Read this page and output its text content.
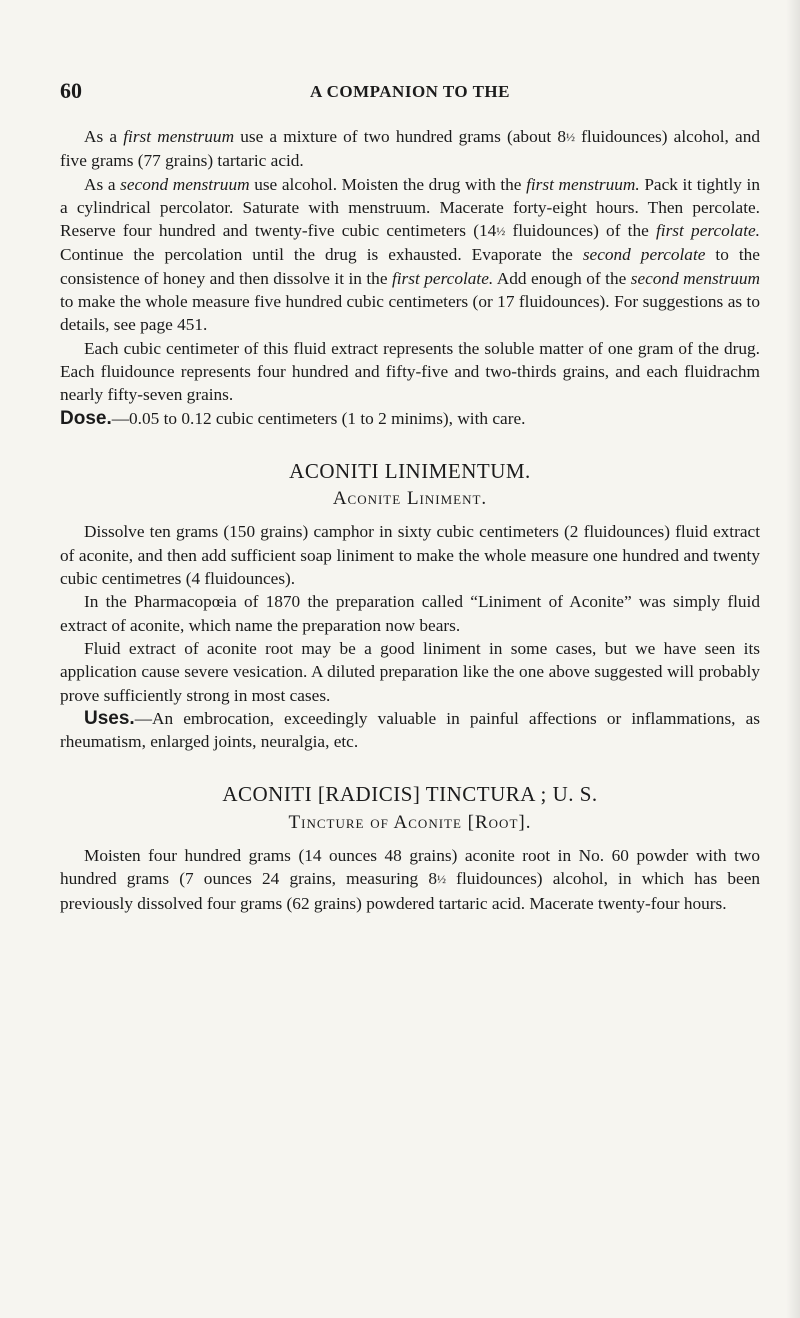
60	A COMPANION TO THE

As a first menstruum use a mixture of two hundred grams (about 8½ fluidounces) alcohol, and five grams (77 grains) tartaric acid.

As a second menstruum use alcohol. Moisten the drug with the first menstruum. Pack it tightly in a cylindrical percolator. Saturate with menstruum. Macerate forty-eight hours. Then percolate. Reserve four hundred and twenty-five cubic centimeters (14½ fluidounces) of the first percolate. Continue the percolation until the drug is exhausted. Evaporate the second percolate to the consistence of honey and then dissolve it in the first percolate. Add enough of the second menstruum to make the whole measure five hundred cubic centimeters (or 17 fluidounces). For suggestions as to details, see page 451.

Each cubic centimeter of this fluid extract represents the soluble matter of one gram of the drug. Each fluidounce represents four hundred and fifty-five and two-thirds grains, and each fluidrachm nearly fifty-seven grains.

Dose.—0.05 to 0.12 cubic centimeters (1 to 2 minims), with care.

ACONITI LINIMENTUM.
Aconite Liniment.

Dissolve ten grams (150 grains) camphor in sixty cubic centimeters (2 fluidounces) fluid extract of aconite, and then add sufficient soap liniment to make the whole measure one hundred and twenty cubic centimetres (4 fluidounces).

In the Pharmacopœia of 1870 the preparation called “Liniment of Aconite” was simply fluid extract of aconite, which name the preparation now bears.

Fluid extract of aconite root may be a good liniment in some cases, but we have seen its application cause severe vesication. A diluted preparation like the one above suggested will probably prove sufficiently strong in most cases.

Uses.—An embrocation, exceedingly valuable in painful affections or inflammations, as rheumatism, enlarged joints, neuralgia, etc.

ACONITI [RADICIS] TINCTURA ; U. S.
Tincture of Aconite [Root].

Moisten four hundred grams (14 ounces 48 grains) aconite root in No. 60 powder with two hundred grams (7 ounces 24 grains, measuring 8½ fluidounces) alcohol, in which has been previously dissolved four grams (62 grains) powdered tartaric acid. Macerate twenty-four hours.
